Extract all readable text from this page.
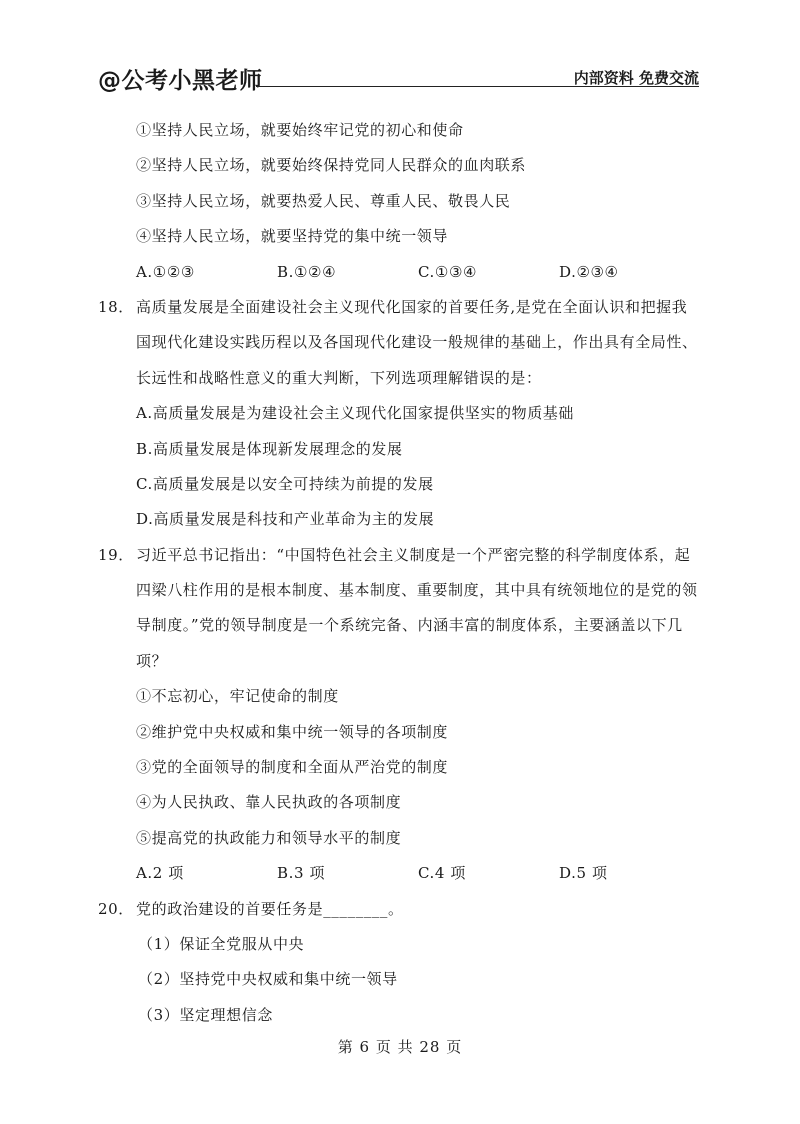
@公考小黑老师	内部资料 免费交流
①坚持人民立场，就要始终牢记党的初心和使命
②坚持人民立场，就要始终保持党同人民群众的血肉联系
③坚持人民立场，就要热爱人民、尊重人民、敬畏人民
④坚持人民立场，就要坚持党的集中统一领导
A.①②③	B.①②④	C.①③④	D.②③④
18． 高质量发展是全面建设社会主义现代化国家的首要任务,是党在全面认识和把握我
国现代化建设实践历程以及各国现代化建设一般规律的基础上，作出具有全局性、
长远性和战略性意义的重大判断，下列选项理解错误的是：
A.高质量发展是为建设社会主义现代化国家提供坚实的物质基础
B.高质量发展是体现新发展理念的发展
C.高质量发展是以安全可持续为前提的发展
D.高质量发展是科技和产业革命为主的发展
19． 习近平总书记指出：“中国特色社会主义制度是一个严密完整的科学制度体系，起
四梁八柱作用的是根本制度、基本制度、重要制度，其中具有统领地位的是党的领
导制度。”党的领导制度是一个系统完备、内涵丰富的制度体系，主要涵盖以下几
项？
①不忘初心，牢记使命的制度
②维护党中央权威和集中统一领导的各项制度
③党的全面领导的制度和全面从严治党的制度
④为人民执政、靠人民执政的各项制度
⑤提高党的执政能力和领导水平的制度
A.2 项	B.3 项	C.4 项	D.5 项
20． 党的政治建设的首要任务是________。
（1）保证全党服从中央
（2）坚持党中央权威和集中统一领导
（3）坚定理想信念
第 6 页 共 28 页
